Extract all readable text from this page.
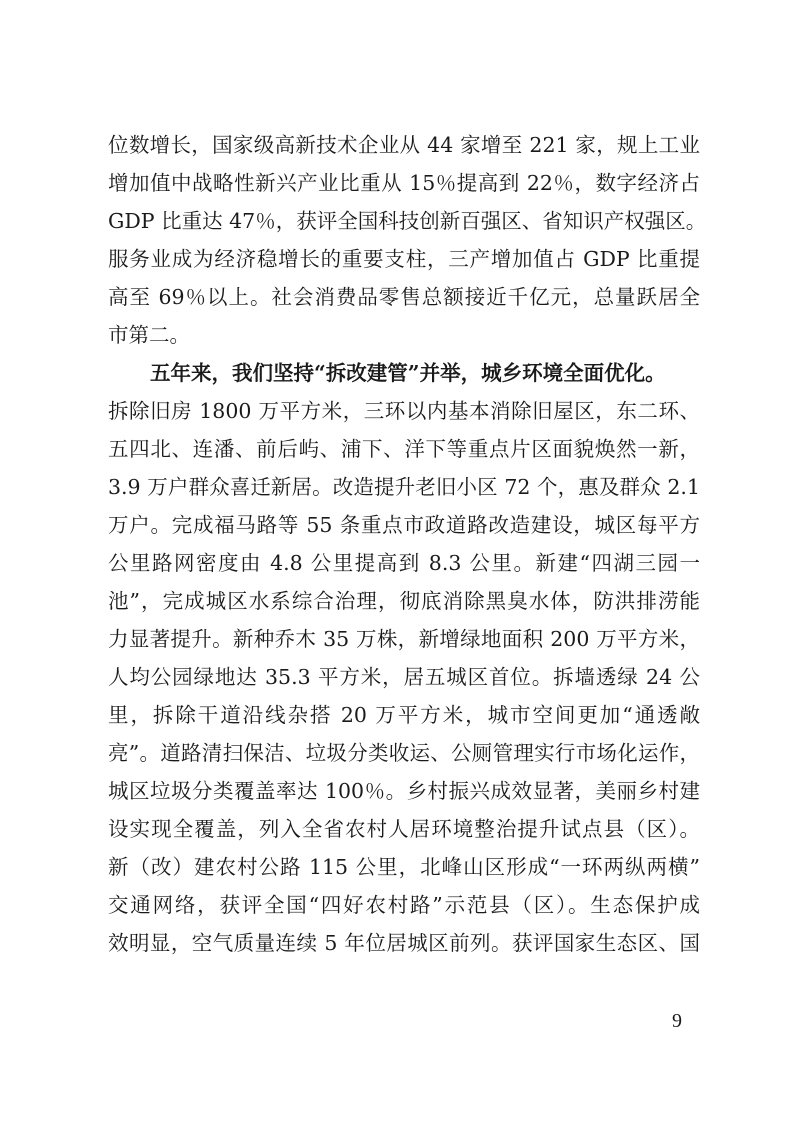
位数增长，国家级高新技术企业从 44 家增至 221 家，规上工业
增加值中战略性新兴产业比重从 15％提高到 22％，数字经济占
GDP 比重达 47％，获评全国科技创新百强区、省知识产权强区。
服务业成为经济稳增长的重要支柱，三产增加值占 GDP 比重提
高至 69％以上。社会消费品零售总额接近千亿元，总量跃居全
市第二。
五年来，我们坚持“拆改建管”并举，城乡环境全面优化。
拆除旧房 1800 万平方米，三环以内基本消除旧屋区，东二环、
五四北、连潘、前后屿、浦下、洋下等重点片区面貌焕然一新，
3.9 万户群众喜迁新居。改造提升老旧小区 72 个，惠及群众 2.1
万户。完成福马路等 55 条重点市政道路改造建设，城区每平方
公里路网密度由 4.8 公里提高到 8.3 公里。新建“四湖三园一
池”，完成城区水系综合治理，彻底消除黑臭水体，防洪排涝能
力显著提升。新种乔木 35 万株，新增绿地面积 200 万平方米，
人均公园绿地达 35.3 平方米，居五城区首位。拆墙透绿 24 公
里，拆除干道沿线杂搭 20 万平方米，城市空间更加“通透敞
亮”。道路清扫保洁、垃圾分类收运、公厕管理实行市场化运作，
城区垃圾分类覆盖率达 100％。乡村振兴成效显著，美丽乡村建
设实现全覆盖，列入全省农村人居环境整治提升试点县（区）。
新（改）建农村公路 115 公里，北峰山区形成“一环两纵两横”
交通网络，获评全国“四好农村路”示范县（区）。生态保护成
效明显，空气质量连续 5 年位居城区前列。获评国家生态区、国
9
